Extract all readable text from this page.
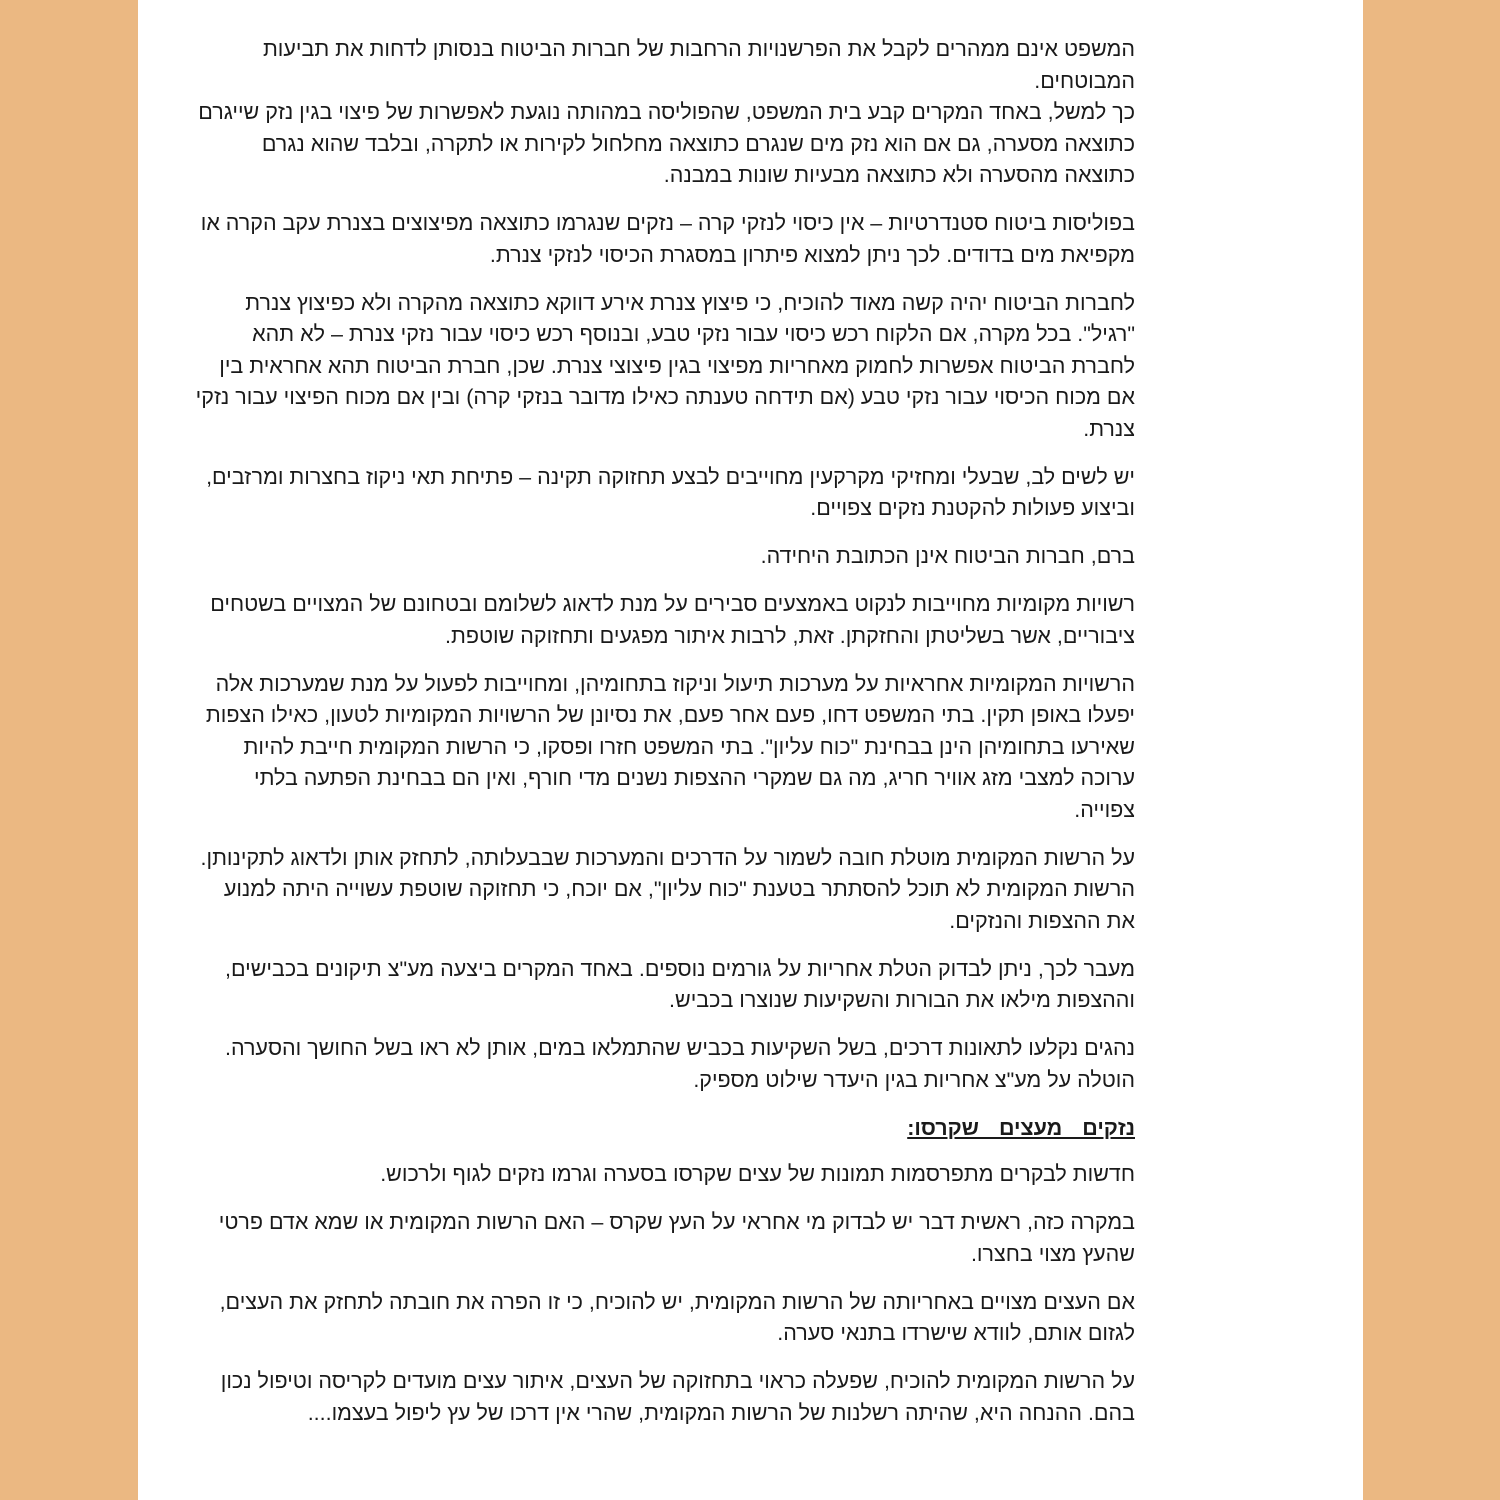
המשפט אינם ממהרים לקבל את הפרשנויות הרחבות של חברות הביטוח בנסותן לדחות את תביעות המבוטחים.

כך למשל, באחד המקרים קבע בית המשפט, שהפוליסה במהותה נוגעת לאפשרות של פיצוי בגין נזק שייגרם כתוצאה מסערה, גם אם הוא נזק מים שנגרם כתוצאה מחלחול לקירות או לתקרה, ובלבד שהוא נגרם כתוצאה מהסערה ולא כתוצאה מבעיות שונות במבנה.

בפוליסות ביטוח סטנדרטיות – אין כיסוי לנזקי קרה – נזקים שנגרמו כתוצאה מפיצוצים בצנרת עקב הקרה או מקפיאת מים בדודים. לכך ניתן למצוא פיתרון במסגרת הכיסוי לנזקי צנרת.

לחברות הביטוח יהיה קשה מאוד להוכיח, כי פיצוץ צנרת אירע דווקא כתוצאה מהקרה ולא כפיצוץ צנרת "רגיל". בכל מקרה, אם הלקוח רכש כיסוי עבור נזקי טבע, ובנוסף רכש כיסוי עבור נזקי צנרת – לא תהא לחברת הביטוח אפשרות לחמוק מאחריות מפיצוי בגין פיצוצי צנרת. שכן, חברת הביטוח תהא אחראית בין אם מכוח הכיסוי עבור נזקי טבע (אם תידחה טענתה כאילו מדובר בנזקי קרה) ובין אם מכוח הפיצוי עבור נזקי צנרת.

יש לשים לב, שבעלי ומחזיקי מקרקעין מחוייבים לבצע תחזוקה תקינה – פתיחת תאי ניקוז בחצרות ומרזבים, וביצוע פעולות להקטנת נזקים צפויים.

ברם, חברות הביטוח אינן הכתובת היחידה.

רשויות מקומיות מחוייבות לנקוט באמצעים סבירים על מנת לדאוג לשלומם ובטחונם של המצויים בשטחים ציבוריים, אשר בשליטתן והחזקתן. זאת, לרבות איתור מפגעים ותחזוקה שוטפת.

הרשויות המקומיות אחראיות על מערכות תיעול וניקוז בתחומיהן, ומחוייבות לפעול על מנת שמערכות אלה יפעלו באופן תקין. בתי המשפט דחו, פעם אחר פעם, את נסיונן של הרשויות המקומיות לטעון, כאילו הצפות שאירעו בתחומיהן הינן בבחינת "כוח עליון". בתי המשפט חזרו ופסקו, כי הרשות המקומית חייבת להיות ערוכה למצבי מזג אוויר חריג, מה גם שמקרי ההצפות נשנים מדי חורף, ואין הם בבחינת הפתעה בלתי צפוייה.

על הרשות המקומית מוטלת חובה לשמור על הדרכים והמערכות שבבעלותה, לתחזק אותן ולדאוג לתקינותן. הרשות המקומית לא תוכל להסתתר בטענת "כוח עליון", אם יוכח, כי תחזוקה שוטפת עשוייה היתה למנוע את ההצפות והנזקים.

מעבר לכך, ניתן לבדוק הטלת אחריות על גורמים נוספים. באחד המקרים ביצעה מע"צ תיקונים בכבישים, וההצפות מילאו את הבורות והשקיעות שנוצרו בכביש.

נהגים נקלעו לתאונות דרכים, בשל השקיעות בכביש שהתמלאו במים, אותן לא ראו בשל החושך והסערה. הוטלה על מע"צ אחריות בגין היעדר שילוט מספיק.

נזקים מעצים שקרסו:

חדשות לבקרים מתפרסמות תמונות של עצים שקרסו בסערה וגרמו נזקים לגוף ולרכוש.

במקרה כזה, ראשית דבר יש לבדוק מי אחראי על העץ שקרס – האם הרשות המקומית או שמא אדם פרטי שהעץ מצוי בחצרו.

אם העצים מצויים באחריותה של הרשות המקומית, יש להוכיח, כי זו הפרה את חובתה לתחזק את העצים, לגזום אותם, לוודא שישרדו בתנאי סערה.

על הרשות המקומית להוכיח, שפעלה כראוי בתחזוקה של העצים, איתור עצים מועדים לקריסה וטיפול נכון בהם. ההנחה היא, שהיתה רשלנות של הרשות המקומית, שהרי אין דרכו של עץ ליפול בעצמו....
